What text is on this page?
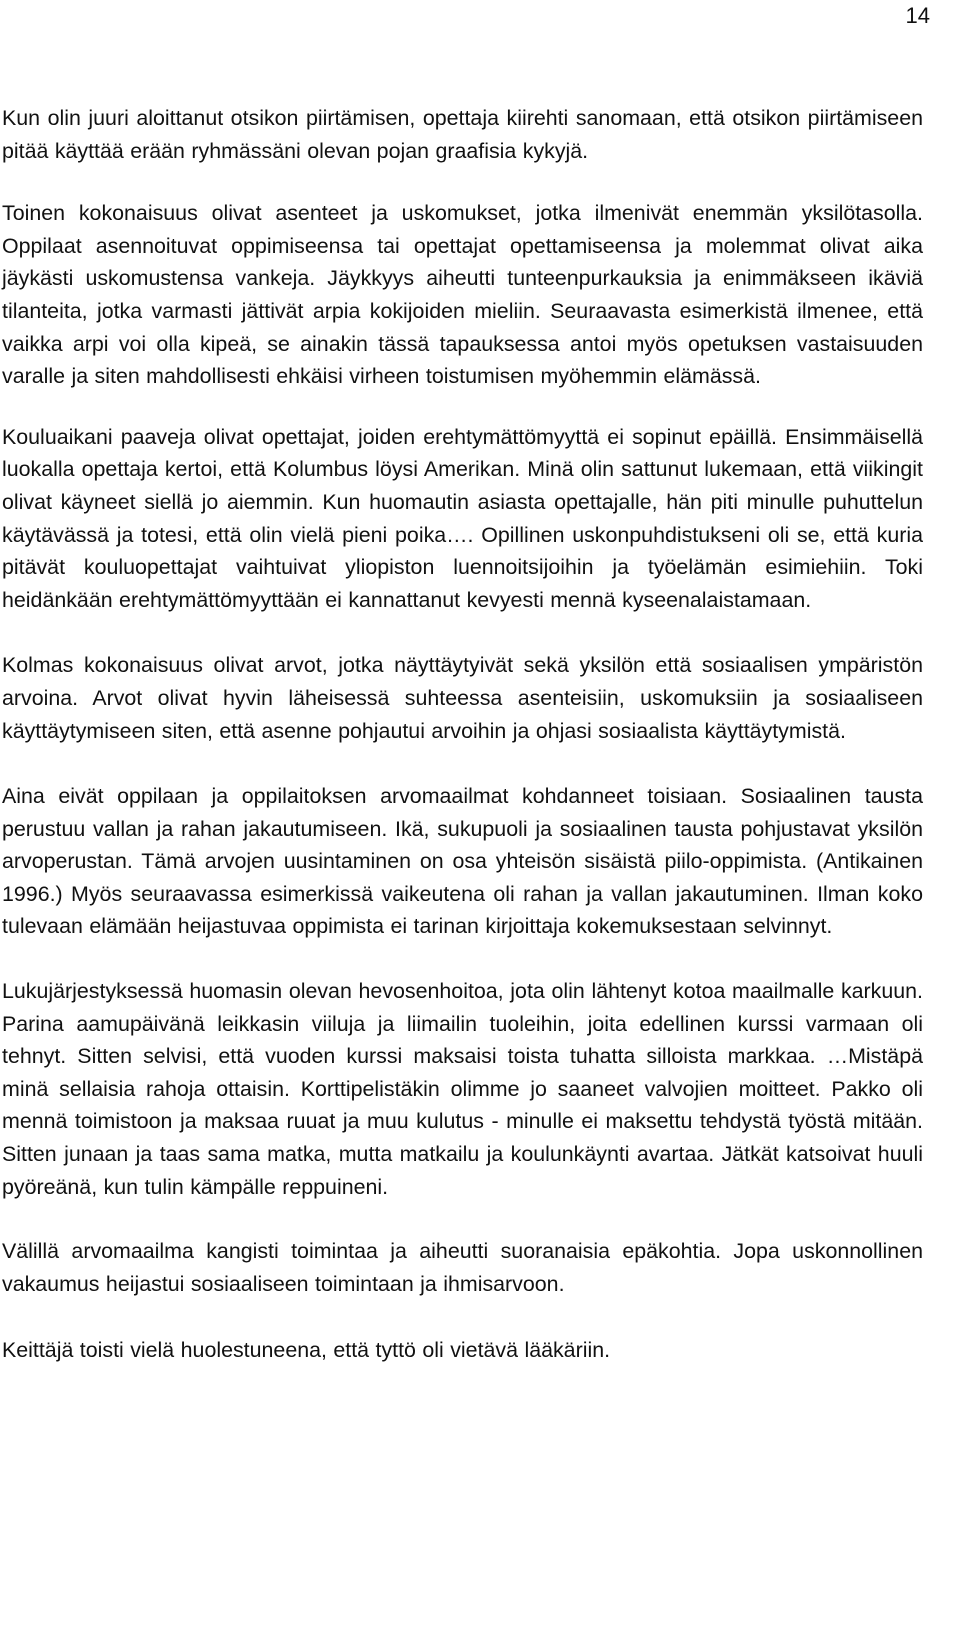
14

Kun olin juuri aloittanut otsikon piirtämisen, opettaja kiirehti sanomaan, että otsikon piirtämiseen pitää käyttää erään ryhmässäni olevan pojan graafisia kykyjä.

Toinen kokonaisuus olivat asenteet ja uskomukset, jotka ilmenivät enemmän yksilötasolla. Oppilaat asennoituvat oppimiseensa tai opettajat opettamiseensa ja molemmat olivat aika jäykästi uskomustensa vankeja. Jäykkyys aiheutti tunteenpurkauksia ja enimmäkseen ikäviä tilanteita, jotka varmasti jättivät arpia kokijoiden mieliin. Seuraavasta esimerkistä ilmenee, että vaikka arpi voi olla kipeä, se ainakin tässä tapauksessa antoi myös opetuksen vastaisuuden varalle ja siten mahdollisesti ehkäisi virheen toistumisen myöhemmin elämässä.

Kouluaikani paaveja olivat opettajat, joiden erehtymättömyyttä ei sopinut epäillä. Ensimmäisellä luokalla opettaja kertoi, että Kolumbus löysi Amerikan. Minä olin sattunut lukemaan, että viikingit olivat käyneet siellä jo aiemmin. Kun huomautin asiasta opettajalle, hän piti minulle puhuttelun käytävässä ja totesi, että olin vielä pieni poika…. Opillinen uskonpuhdistukseni oli se, että kuria pitävät kouluopettajat vaihtuivat yliopiston luennoitsijoihin ja työelämän esimiehiin. Toki heidänkään erehtymättömyyttään ei kannattanut kevyesti mennä kyseenalaistamaan.

Kolmas kokonaisuus olivat arvot, jotka näyttäytyivät sekä yksilön että sosiaalisen ympäristön arvoina. Arvot olivat hyvin läheisessä suhteessa asenteisiin, uskomuksiin ja sosiaaliseen käyttäytymiseen siten, että asenne pohjautui arvoihin ja ohjasi sosiaalista käyttäytymistä.

Aina eivät oppilaan ja oppilaitoksen arvomaailmat kohdanneet toisiaan. Sosiaalinen tausta perustuu vallan ja rahan jakautumiseen. Ikä, sukupuoli ja sosiaalinen tausta pohjustavat yksilön arvoperustan. Tämä arvojen uusintaminen on osa yhteisön sisäistä piilo-oppimista. (Antikainen 1996.) Myös seuraavassa esimerkissä vaikeutena oli rahan ja vallan jakautuminen. Ilman koko tulevaan elämään heijastuvaa oppimista ei tarinan kirjoittaja kokemuksestaan selvinnyt.

Lukujärjestyksessä huomasin olevan hevosenhoitoa, jota olin lähtenyt kotoa maailmalle karkuun. Parina aamupäivänä leikkasin viiluja ja liimailin tuoleihin, joita edellinen kurssi varmaan oli tehnyt. Sitten selvisi, että vuoden kurssi maksaisi toista tuhatta silloista markkaa. …Mistäpä minä sellaisia rahoja ottaisin. Korttipelistäkin olimme jo saaneet valvojien moitteet. Pakko oli mennä toimistoon ja maksaa ruuat ja muu kulutus - minulle ei maksettu tehdystä työstä mitään. Sitten junaan ja taas sama matka, mutta matkailu ja koulunkäynti avartaa. Jätkät katsoivat huuli pyöreänä, kun tulin kämpälle reppuineni.

Välillä arvomaailma kangisti toimintaa ja aiheutti suoranaisia epäkohtia. Jopa uskonnollinen vakaumus heijastui sosiaaliseen toimintaan ja ihmisarvoon.

Keittäjä toisti vielä huolestuneena, että tyttö oli vietävä lääkäriin.
